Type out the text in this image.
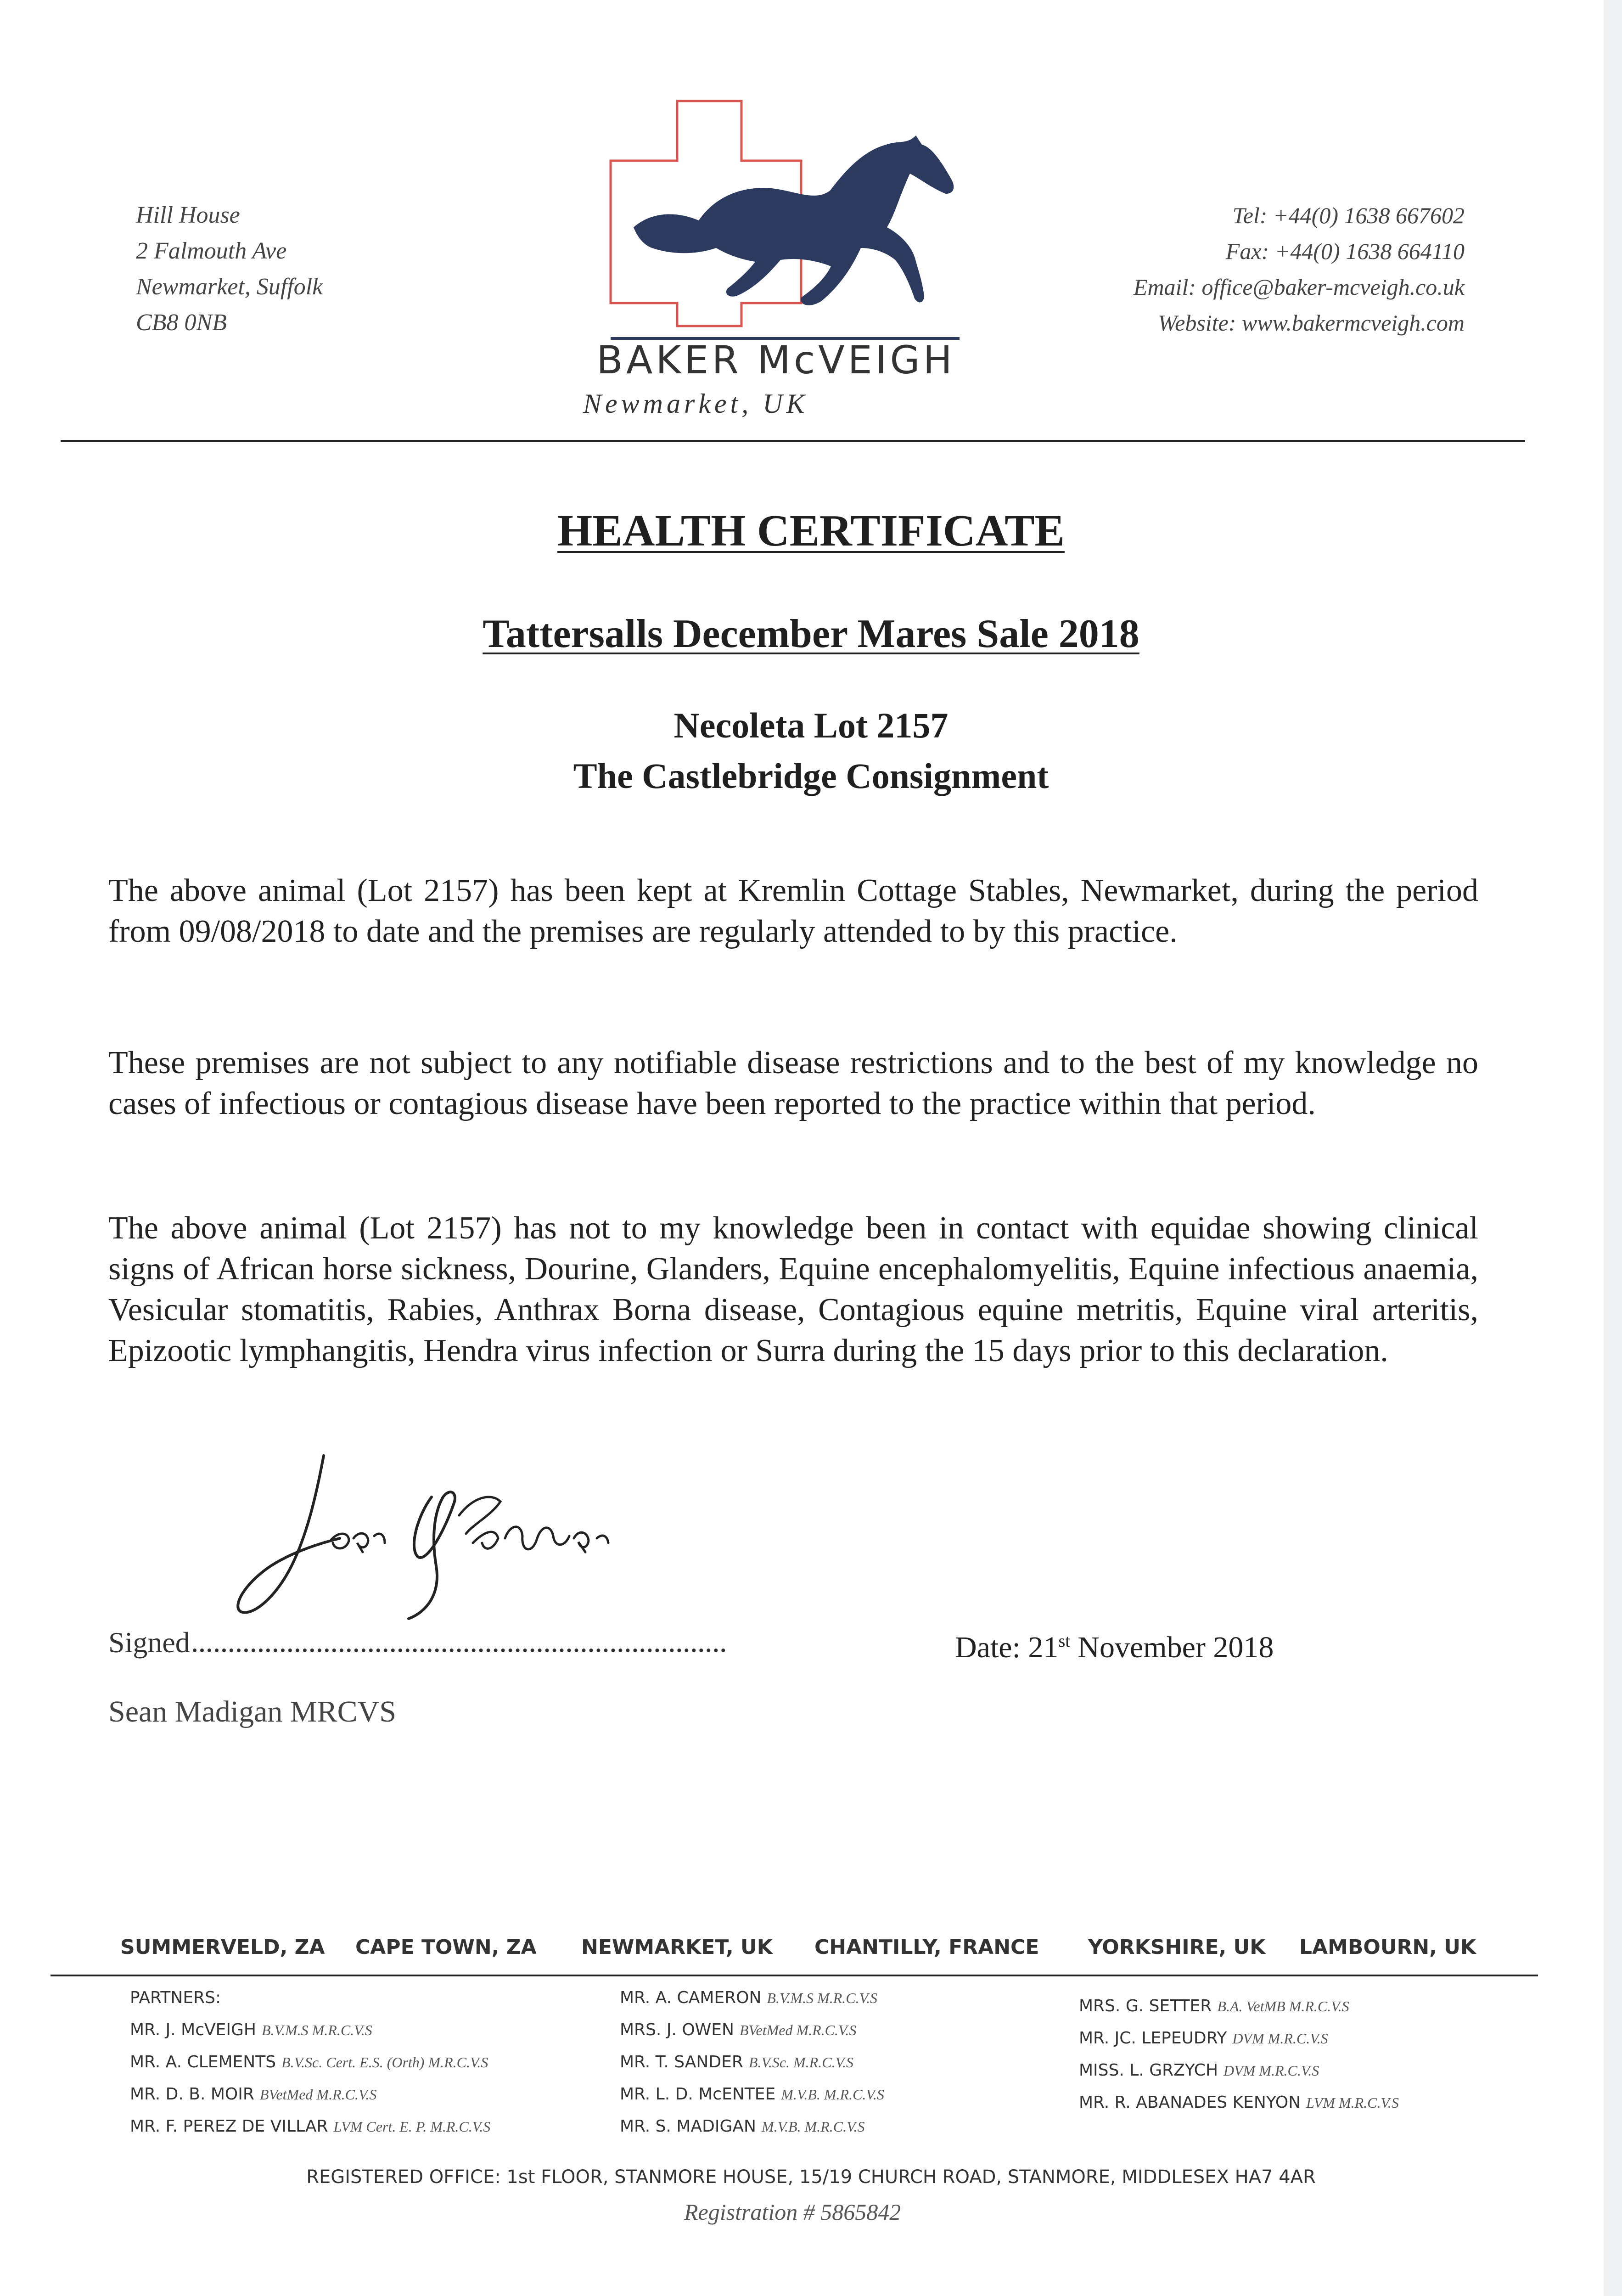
Hill House
2 Falmouth Ave
Newmarket, Suffolk
CB8 0NB
BAKER McVEIGH
Newmarket, UK
Tel: +44(0) 1638 667602
Fax: +44(0) 1638 664110
Email: office@baker-mcveigh.co.uk
Website: www.bakermcveigh.com
HEALTH CERTIFICATE
Tattersalls December Mares Sale 2018
Necoleta Lot 2157
The Castlebridge Consignment
The above animal (Lot 2157) has been kept at Kremlin Cottage Stables, Newmarket, during the period from 09/08/2018 to date and the premises are regularly attended to by this practice.
These premises are not subject to any notifiable disease restrictions and to the best of my knowledge no cases of infectious or contagious disease have been reported to the practice within that period.
The above animal (Lot 2157) has not to my knowledge been in contact with equidae showing clinical signs of African horse sickness, Dourine, Glanders, Equine encephalomyelitis, Equine infectious anaemia, Vesicular stomatitis, Rabies, Anthrax Borna disease, Contagious equine metritis, Equine viral arteritis, Epizootic lymphangitis, Hendra virus infection or Surra during the 15 days prior to this declaration.
Signed	Date: 21st November 2018
Sean Madigan MRCVS
SUMMERVELD, ZA CAPE TOWN, ZA NEWMARKET, UK CHANTILLY, FRANCE YORKSHIRE, UK LAMBOURN, UK
PARTNERS:
MR. J. McVEIGH B.V.M.S M.R.C.V.S
MR. A. CLEMENTS B.V.Sc. Cert. E.S. (Orth) M.R.C.V.S
MR. D. B. MOIR BVetMed M.R.C.V.S
MR. F. PEREZ DE VILLAR LVM Cert. E. P. M.R.C.V.S
MR. A. CAMERON B.V.M.S M.R.C.V.S
MRS. J. OWEN BVetMed M.R.C.V.S
MR. T. SANDER B.V.Sc. M.R.C.V.S
MR. L. D. McENTEE M.V.B. M.R.C.V.S
MR. S. MADIGAN M.V.B. M.R.C.V.S
MRS. G. SETTER B.A. VetMB M.R.C.V.S
MR. JC. LEPEUDRY DVM M.R.C.V.S
MISS. L. GRZYCH DVM M.R.C.V.S
MR. R. ABANADES KENYON LVM M.R.C.V.S
REGISTERED OFFICE: 1st FLOOR, STANMORE HOUSE, 15/19 CHURCH ROAD, STANMORE, MIDDLESEX HA7 4AR
Registration # 5865842
